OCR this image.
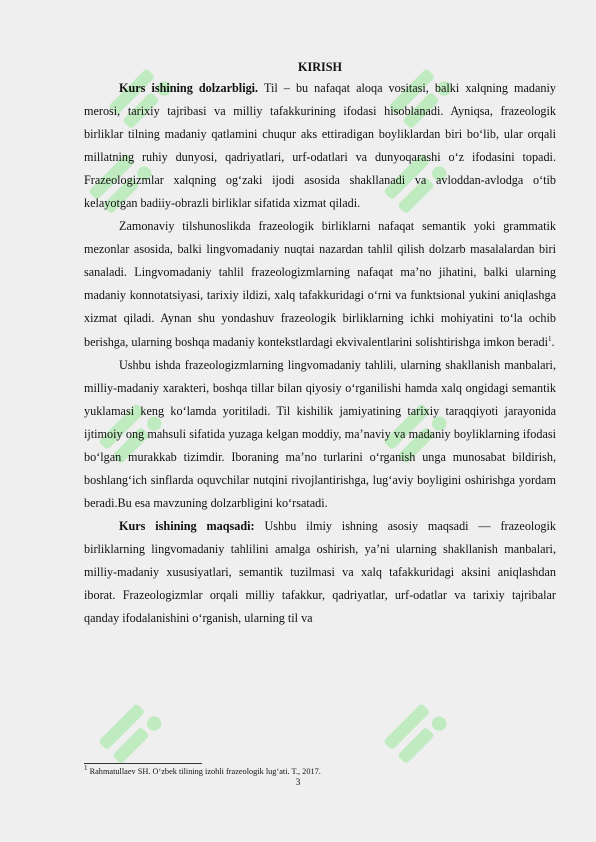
KIRISH

Kurs ishining dolzarbligi. Til – bu nafaqat aloqa vositasi, balki xalqning madaniy merosi, tarixiy tajribasi va milliy tafakkurining ifodasi hisoblanadi. Ayniqsa, frazeologik birliklar tilning madaniy qatlamini chuqur aks ettiradigan boyliklardan biri bo‘lib, ular orqali millatning ruhiy dunyosi, qadriyatlari, urf-odatlari va dunyoqarashi o‘z ifodasini topadi. Frazeologizmlar xalqning og‘zaki ijodi asosida shakllanadi va avloddan-avlodga o‘tib kelayotgan badiiy-obrazli birliklar sifatida xizmat qiladi.

Zamonaviy tilshunoslikda frazeologik birliklarni nafaqat semantik yoki grammatik mezonlar asosida, balki lingvomadaniy nuqtai nazardan tahlil qilish dolzarb masalalardan biri sanaladi. Lingvomadaniy tahlil frazeologizmlarning nafaqat ma’no jihatini, balki ularning madaniy konnotatsiyasi, tarixiy ildizi, xalq tafakkuridagi o‘rni va funktsional yukini aniqlashga xizmat qiladi. Aynan shu yondashuv frazeologik birliklarning ichki mohiyatini to‘la ochib berishga, ularning boshqa madaniy kontekstlardagi ekvivalentlarini solishtirishga imkon beradi$^1$.

Ushbu ishda frazeologizmlarning lingvomadaniy tahlili, ularning shakllanish manbalari, milliy-madaniy xarakteri, boshqa tillar bilan qiyosiy o‘rganilishi hamda xalq ongidagi semantik yuklamasi keng ko‘lamda yoritiladi. Til kishilik jamiyatining tarixiy taraqqiyoti jarayonida ijtimoiy ong mahsuli sifatida yuzaga kelgan moddiy, ma’naviy va madaniy boyliklarning ifodasi bo‘lgan murakkab tizimdir. Iboraning ma’no turlarini o‘rganish unga munosabat bildirish, boshlang‘ich sinflarda oquvchilar nutqini rivojlantirishga, lug‘aviy boyligini oshirishga yordam beradi.Bu esa mavzuning dolzarbligini ko‘rsatadi.

Kurs ishining maqsadi: Ushbu ilmiy ishning asosiy maqsadi — frazeologik birliklarning lingvomadaniy tahlilini amalga oshirish, ya’ni ularning shakllanish manbalari, milliy-madaniy xususiyatlari, semantik tuzilmasi va xalq tafakkuridagi aksini aniqlashdan iborat. Frazeologizmlar orqali milliy tafakkur, qadriyatlar, urf-odatlar va tarixiy tajribalar qanday ifodalanishini o‘rganish, ularning til va

$^1$ Rahmatullaev SH. O‘zbek tilining izohli frazeologik lug‘ati. T., 2017.
3
